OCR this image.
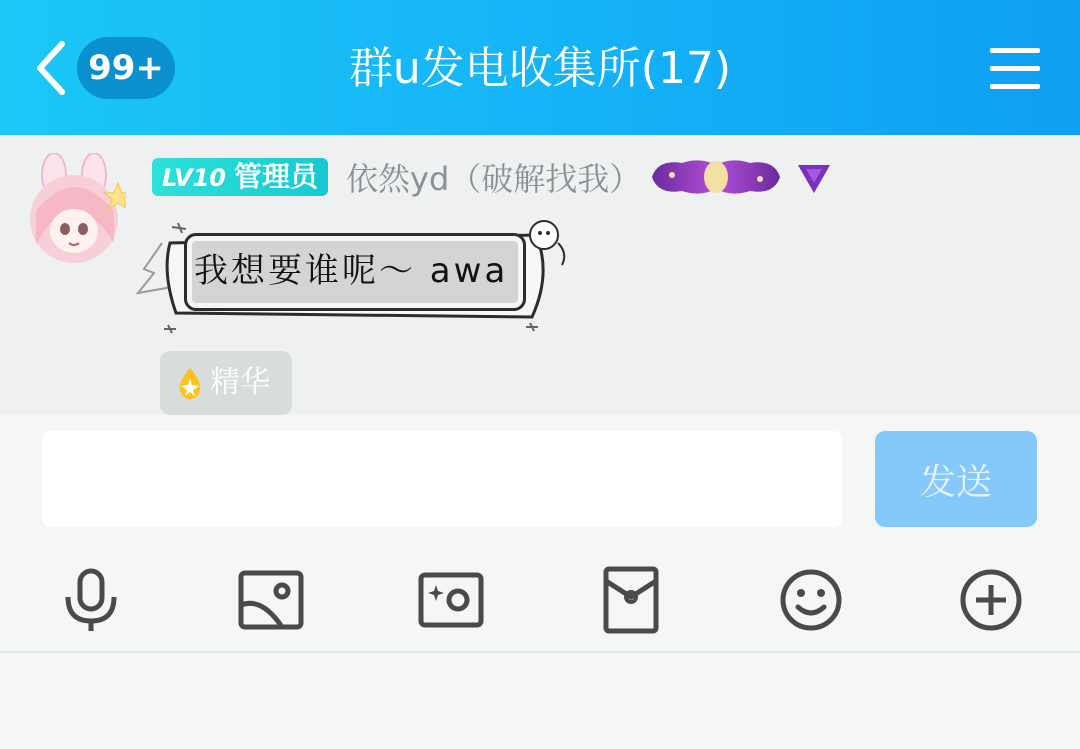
99+	群u发电收集所(17)
LV10 管理员 依然yd（破解找我）
我想要谁呢～ awa
精华
发送
